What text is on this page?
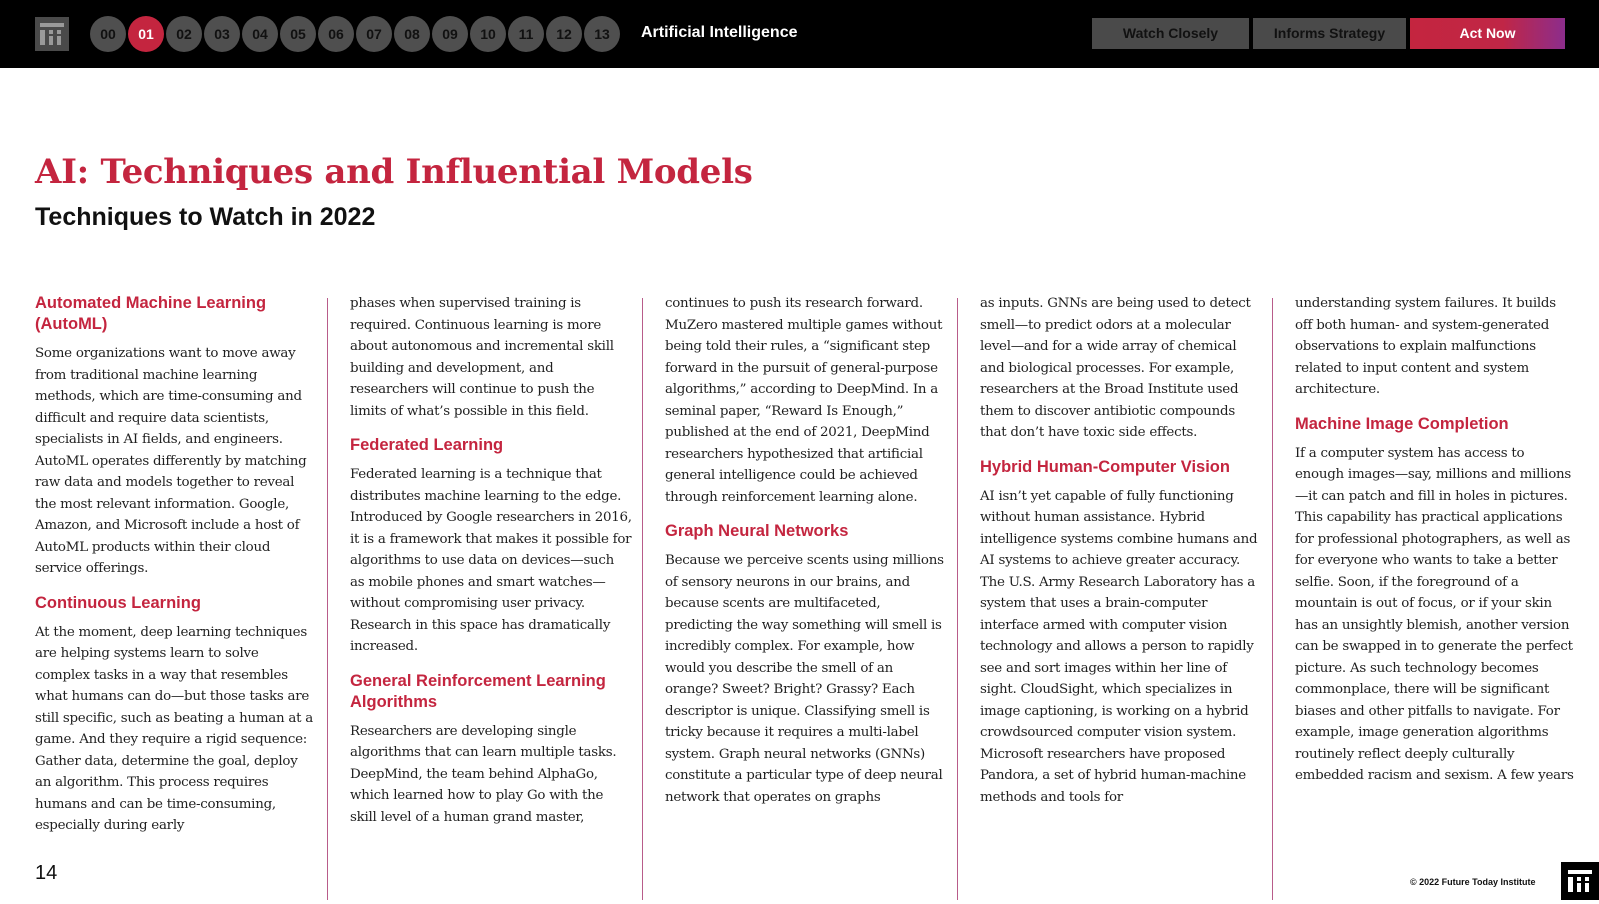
00	01	02	03	04	05	06	07	08	09	10	11	12	13	Artificial Intelligence	Watch Closely	Informs Strategy	Act Now
AI: Techniques and Influential Models
Techniques to Watch in 2022
Automated Machine Learning (AutoML)

Some organizations want to move away from traditional machine learning methods, which are time-consuming and difficult and require data scientists, specialists in AI fields, and engineers. AutoML operates differently by matching raw data and models together to reveal the most relevant information. Google, Amazon, and Microsoft include a host of AutoML products within their cloud service offerings.

Continuous Learning

At the moment, deep learning techniques are helping systems learn to solve complex tasks in a way that resembles what humans can do—but those tasks are still specific, such as beating a human at a game. And they require a rigid sequence: Gather data, determine the goal, deploy an algorithm. This process requires humans and can be time-consuming, especially during early

phases when supervised training is required. Continuous learning is more about autonomous and incremental skill building and development, and researchers will continue to push the limits of what’s possible in this field.

Federated Learning

Federated learning is a technique that distributes machine learning to the edge. Introduced by Google researchers in 2016, it is a framework that makes it possible for algorithms to use data on devices—such as mobile phones and smart watches—without compromising user privacy. Research in this space has dramatically increased.

General Reinforcement Learning Algorithms

Researchers are developing single algorithms that can learn multiple tasks. DeepMind, the team behind AlphaGo, which learned how to play Go with the skill level of a human grand master,

continues to push its research forward. MuZero mastered multiple games without being told their rules, a “significant step forward in the pursuit of general-purpose algorithms,” according to DeepMind. In a seminal paper, “Reward Is Enough,” published at the end of 2021, DeepMind researchers hypothesized that artificial general intelligence could be achieved through reinforcement learning alone.

Graph Neural Networks

Because we perceive scents using millions of sensory neurons in our brains, and because scents are multifaceted, predicting the way something will smell is incredibly complex. For example, how would you describe the smell of an orange? Sweet? Bright? Grassy? Each descriptor is unique. Classifying smell is tricky because it requires a multi-label system. Graph neural networks (GNNs) constitute a particular type of deep neural network that operates on graphs

as inputs. GNNs are being used to detect smell—to predict odors at a molecular level—and for a wide array of chemical and biological processes. For example, researchers at the Broad Institute used them to discover antibiotic compounds that don’t have toxic side effects.

Hybrid Human-Computer Vision

AI isn’t yet capable of fully functioning without human assistance. Hybrid intelligence systems combine humans and AI systems to achieve greater accuracy. The U.S. Army Research Laboratory has a system that uses a brain-computer interface armed with computer vision technology and allows a person to rapidly see and sort images within her line of sight. CloudSight, which specializes in image captioning, is working on a hybrid crowdsourced computer vision system. Microsoft researchers have proposed Pandora, a set of hybrid human-machine methods and tools for

understanding system failures. It builds off both human- and system-generated observations to explain malfunctions related to input content and system architecture.

Machine Image Completion

If a computer system has access to enough images—say, millions and millions—it can patch and fill in holes in pictures. This capability has practical applications for professional photographers, as well as for everyone who wants to take a better selfie. Soon, if the foreground of a mountain is out of focus, or if your skin has an unsightly blemish, another version can be swapped in to generate the perfect picture. As such technology becomes commonplace, there will be significant biases and other pitfalls to navigate. For example, image generation algorithms routinely reflect deeply culturally embedded racism and sexism. A few years

14	© 2022 Future Today Institute
